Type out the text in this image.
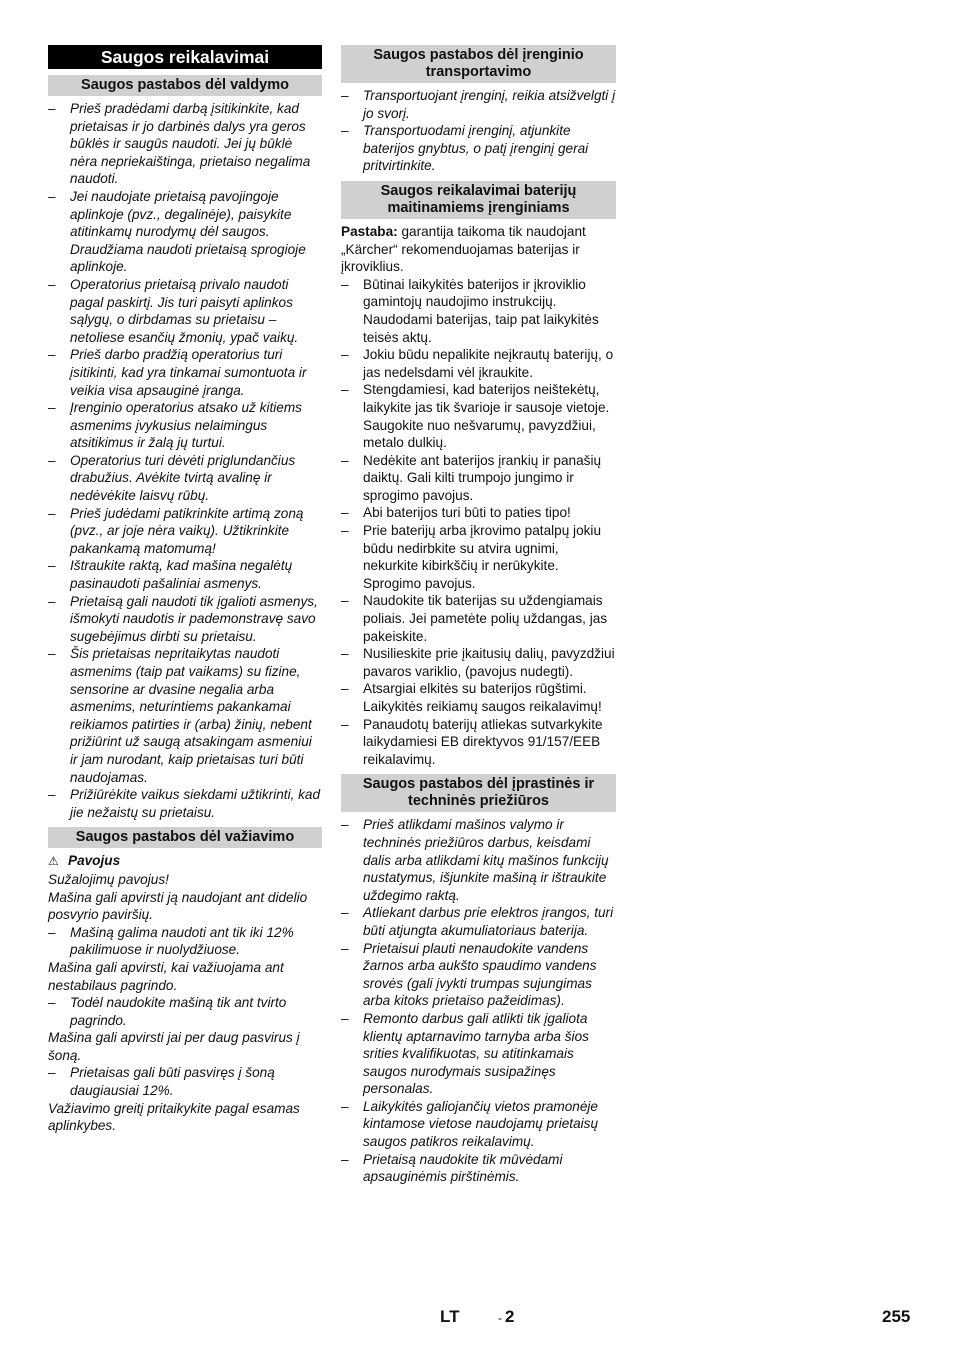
Saugos reikalavimai
Saugos pastabos dėl valdymo
– Prieš pradėdami darbą įsitikinkite, kad prietaisas ir jo darbinės dalys yra geros būklės ir saugūs naudoti. Jei jų būklė nėra nepriekaištinga, prietaiso negalima naudoti.
– Jei naudojate prietaisą pavojingoje aplinkoje (pvz., degalinėje), paisykite atitinkamų nurodymų dėl saugos. Draudžiama naudoti prietaisą sprogioje aplinkoje.
– Operatorius prietaisą privalo naudoti pagal paskirtį. Jis turi paisyti aplinkos sąlygų, o dirbdamas su prietaisu – netoliese esančių žmonių, ypač vaikų.
– Prieš darbo pradžią operatorius turi įsitikinti, kad yra tinkamai sumontuota ir veikia visa apsauginė įranga.
– Įrenginio operatorius atsako už kitiems asmenims įvykusius nelaimingus atsitikimus ir žalą jų turtui.
– Operatorius turi dėvėti priglundančius drabužius. Avėkite tvirtą avalinę ir nedėvėkite laisvų rūbų.
– Prieš judėdami patikrinkite artimą zoną (pvz., ar joje nėra vaikų). Užtikrinkite pakankamą matomumą!
– Ištraukite raktą, kad mašina negalėtų pasinaudoti pašaliniai asmenys.
– Prietaisą gali naudoti tik įgalioti asmenys, išmokyti naudotis ir pademonstravę savo sugebėjimus dirbti su prietaisu.
– Šis prietaisas nepritaikytas naudoti asmenims (taip pat vaikams) su fizine, sensorine ar dvasine negalia arba asmenims, neturintiems pakankamai reikiamos patirties ir (arba) žinių, nebent prižiūrint už saugą atsakingam asmeniui ir jam nurodant, kaip prietaisas turi būti naudojamas.
– Prižiūrėkite vaikus siekdami užtikrinti, kad jie nežaistų su prietaisu.
Saugos pastabos dėl važiavimo
⚠ Pavojus

Sužalojimų pavojus!

Mašina gali apvirsti ją naudojant ant didelio posvyrio paviršių.

– Mašiną galima naudoti ant tik iki 12% pakilimuose ir nuolydžiuose.

Mašina gali apvirsti, kai važiuojama ant nestabilaus pagrindo.

– Todėl naudokite mašiną tik ant tvirto pagrindo.

Mašina gali apvirsti jai per daug pasvirus į šoną.

– Prietaisas gali būti pasviręs į šoną daugiausiai 12%.

Važiavimo greitį pritaikykite pagal esamas aplinkybes.

Saugos pastabos dėl įrenginio transportavimo
– Transportuojant įrenginį, reikia atsižvelgti į jo svorį.
– Transportuodami įrenginį, atjunkite baterijos gnybtus, o patį įrenginį gerai pritvirtinkite.
Saugos reikalavimai baterijų maitinamiems įrenginiams

Pastaba: garantija taikoma tik naudojant „Kärcher“ rekomenduojamas baterijas ir įkroviklius.

– Būtinai laikykitės baterijos ir įkroviklio gamintojų naudojimo instrukcijų. Naudodami baterijas, taip pat laikykitės teisės aktų.
– Jokiu būdu nepalikite neįkrautų baterijų, o jas nedelsdami vėl įkraukite.
– Stengdamiesi, kad baterijos neištekėtų, laikykite jas tik švarioje ir sausoje vietoje. Saugokite nuo nešvarumų, pavyzdžiui, metalo dulkių.
– Nedėkite ant baterijos įrankių ir panašių daiktų. Gali kilti trumpojo jungimo ir sprogimo pavojus.
– Abi baterijos turi būti to paties tipo!
– Prie baterijų arba įkrovimo patalpų jokiu būdu nedirbkite su atvira ugnimi, nekurkite kibirkščių ir nerūkykite. Sprogimo pavojus.
– Naudokite tik baterijas su uždengiamais poliais. Jei pametėte polių uždangas, jas pakeiskite.
– Nusilieskite prie įkaitusių dalių, pavyzdžiui pavaros variklio, (pavojus nudegti).
– Atsargiai elkitės su baterijos rūgštimi. Laikykitės reikiamų saugos reikalavimų!
– Panaudotų baterijų atliekas sutvarkykite laikydamiesi EB direktyvos 91/157/EEB reikalavimų.
Saugos pastabos dėl įprastinės ir techninės priežiūros
– Prieš atlikdami mašinos valymo ir techninės priežiūros darbus, keisdami dalis arba atlikdami kitų mašinos funkcijų nustatymus, išjunkite mašiną ir ištraukite uždegimo raktą.
– Atliekant darbus prie elektros įrangos, turi būti atjungta akumuliatoriaus baterija.
– Prietaisui plauti nenaudokite vandens žarnos arba aukšto spaudimo vandens srovės (gali įvykti trumpas sujungimas arba kitoks prietaiso pažeidimas).
– Remonto darbus gali atlikti tik įgaliota klientų aptarnavimo tarnyba arba šios srities kvalifikuotas, su atitinkamais saugos nurodymais susipažinęs personalas.
– Laikykitės galiojančių vietos pramonėje kintamose vietose naudojamų prietaisų saugos patikros reikalavimų.
– Prietaisą naudokite tik mūvėdami apsauginėmis pirštinėmis.
LT	- 2	255
